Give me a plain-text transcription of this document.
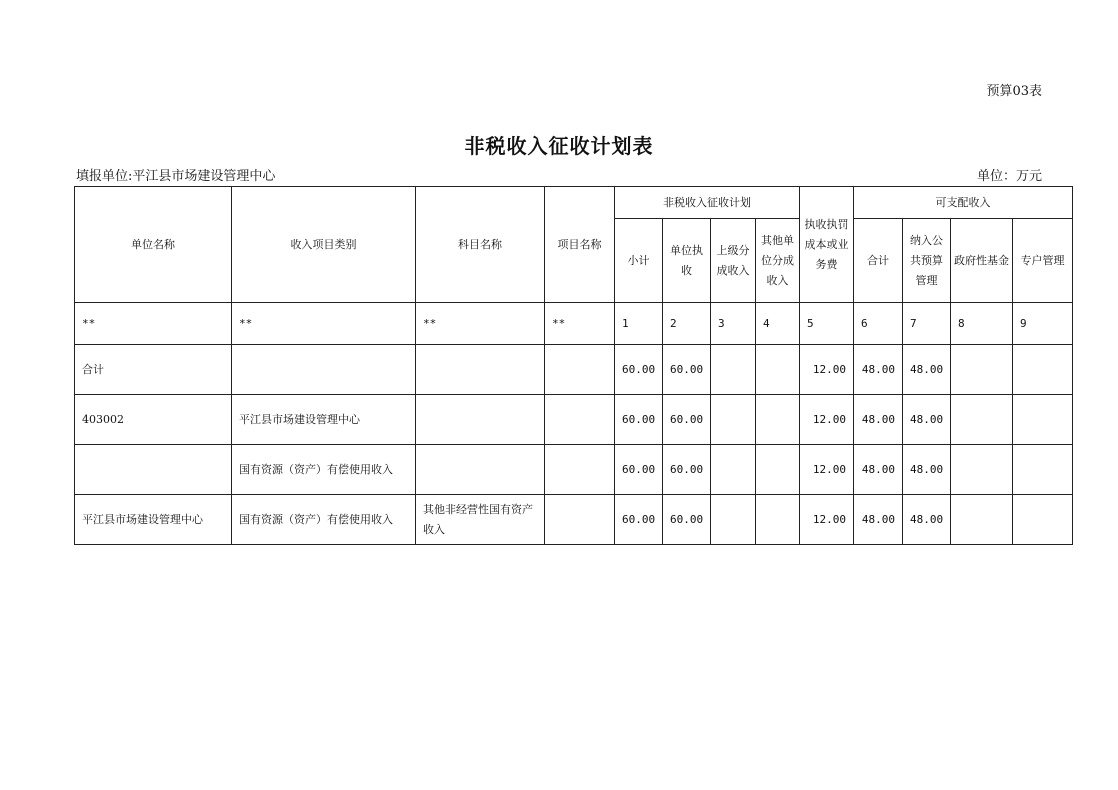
预算03表
非税收入征收计划表
填报单位:平江县市场建设管理中心	单位：万元
单位名称	收入项目类别	科目名称	项目名称	非税收入征收计划				执收执罚成本或业务费	可支配收入			
				小计	单位执收	上级分成收入	其他单位分成收入		合计	纳入公共预算管理	政府性基金	专户管理
**	**	**	**	1	2	3	4	5	6	7	8	9
合计				60.00	60.00			12.00	48.00	48.00		
403002	平江县市场建设管理中心			60.00	60.00			12.00	48.00	48.00		
	国有资源（资产）有偿使用收入			60.00	60.00			12.00	48.00	48.00		
平江县市场建设管理中心	国有资源（资产）有偿使用收入	其他非经营性国有资产收入		60.00	60.00			12.00	48.00	48.00		
